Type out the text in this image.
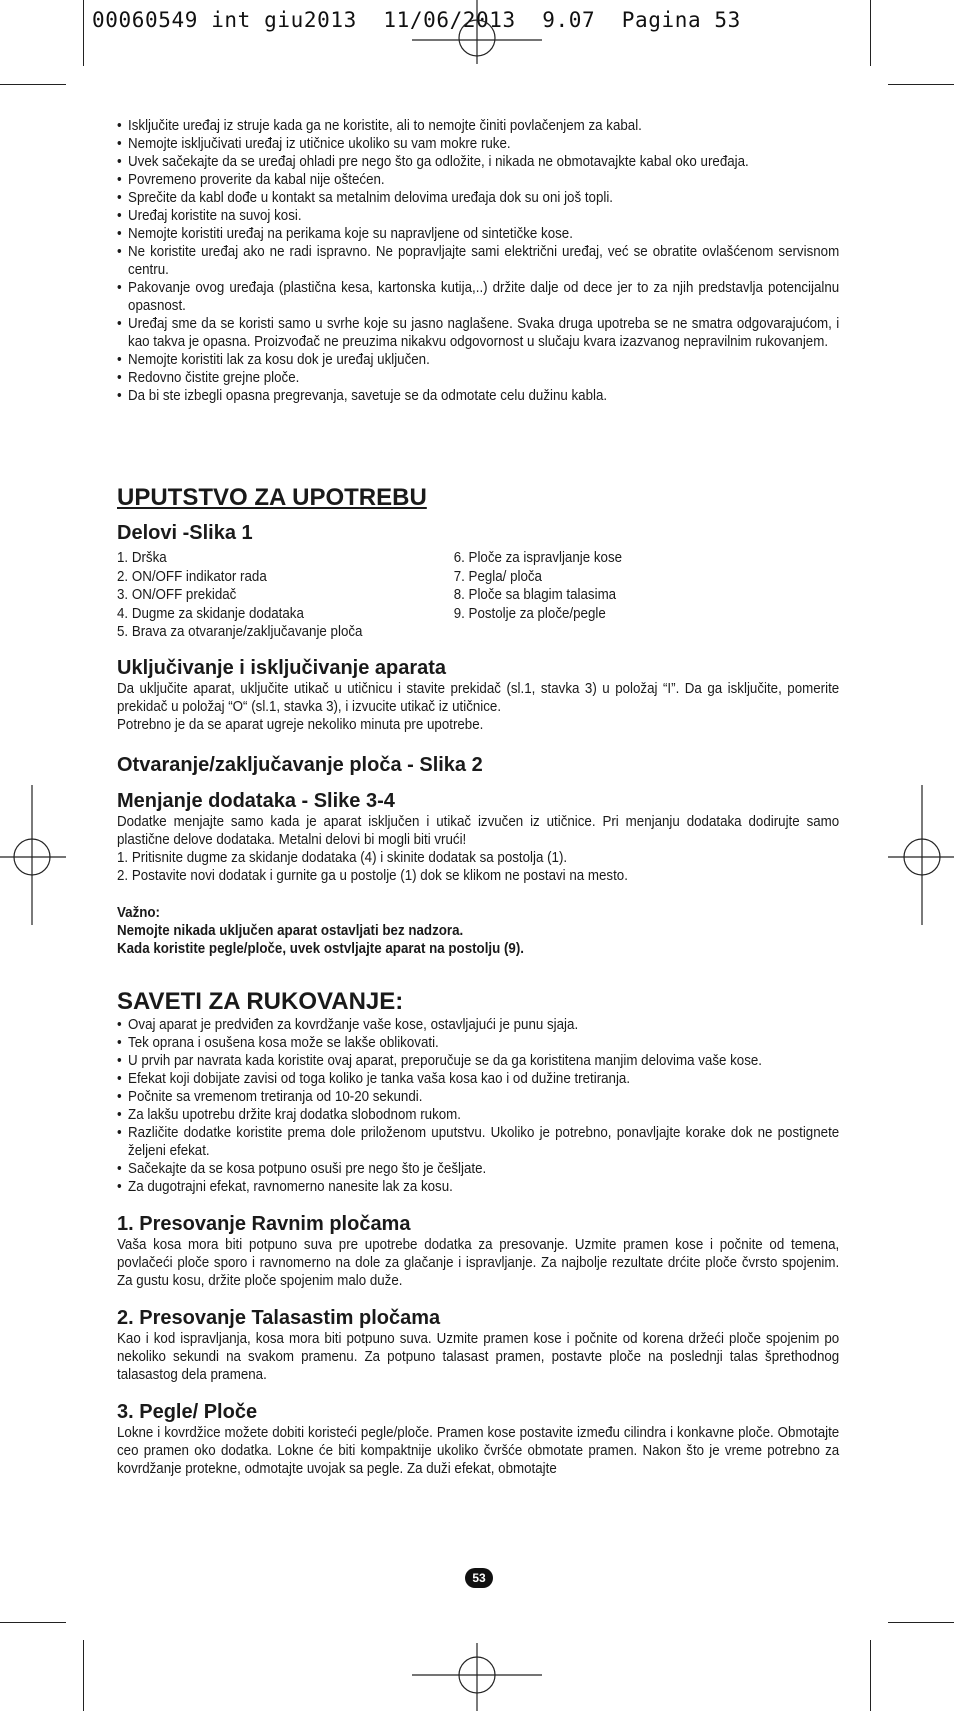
00060549 int giu2013  11/06/2013  9.07  Pagina 53
• Isključite uređaj iz struje kada ga ne koristite, ali to nemojte činiti povlačenjem za kabal.
• Nemojte isključivati uređaj iz utičnice ukoliko su vam mokre ruke.
• Uvek sačekajte da se uređaj ohladi pre nego što ga odložite, i nikada ne obmotavajkte kabal oko uređaja.
• Povremeno proverite da kabal nije oštećen.
• Sprečite da kabl dođe u kontakt sa metalnim delovima uređaja dok su oni još topli.
• Uređaj koristite na suvoj kosi.
• Nemojte koristiti uređaj na perikama koje su napravljene od sintetičke kose.
• Ne koristite uređaj ako ne radi ispravno. Ne popravljajte sami električni uređaj, već se obratite ovlašćenom servisnom centru.
• Pakovanje ovog uređaja (plastična kesa, kartonska kutija,..) držite dalje od dece jer to za njih predstavlja potencijalnu opasnost.
• Uređaj sme da se koristi samo u svrhe koje su jasno naglašene. Svaka druga upotreba se ne smatra odgovarajućom, i kao takva je opasna. Proizvođač ne preuzima nikakvu odgovornost u slučaju kvara izazvanog nepravilnim rukovanjem.
• Nemojte koristiti lak za kosu dok je uređaj uključen.
• Redovno čistite grejne ploče.
• Da bi ste izbegli opasna pregrevanja, savetuje se da odmotate celu dužinu kabla.
UPUTSTVO ZA UPOTREBU
Delovi -Slika 1
1. Drška
2. ON/OFF indikator rada
3. ON/OFF prekidač
4. Dugme za skidanje dodataka
5. Brava za otvaranje/zaključavanje ploča
6. Ploče za ispravljanje kose
7. Pegla/ ploča
8. Ploče sa blagim talasima
9. Postolje za ploče/pegle
Uključivanje i isključivanje aparata

Da uključite aparat, uključite utikač u utičnicu i stavite prekidač (sl.1, stavka 3) u položaj “I”. Da ga isključite, pomerite prekidač u položaj “O“ (sl.1, stavka 3), i izvucite utikač iz utičnice.

Potrebno je da se aparat ugreje nekoliko minuta pre upotrebe.

Otvaranje/zaključavanje ploča - Slika 2
Menjanje dodataka - Slike 3-4

Dodatke menjajte samo kada je aparat isključen i utikač izvučen iz utičnice. Pri menjanju dodataka dodirujte samo plastične delove dodataka. Metalni delovi bi mogli biti vrući!

1. Pritisnite dugme za skidanje dodataka (4) i skinite dodatak sa postolja (1).

2. Postavite novi dodatak i gurnite ga u postolje (1) dok se klikom ne postavi na mesto.

Važno:

Nemojte nikada uključen aparat ostavljati bez nadzora.

Kada koristite pegle/ploče, uvek ostvljajte aparat na postolju (9).

SAVETI ZA RUKOVANJE:
• Ovaj aparat je predviđen za kovrdžanje vaše kose, ostavljajući je punu sjaja.
• Tek oprana i osušena kosa može se lakše oblikovati.
• U prvih par navrata kada koristite ovaj aparat, preporučuje se da ga koristitena manjim delovima vaše kose.
• Efekat koji dobijate zavisi od toga koliko je tanka vaša kosa kao i od dužine tretiranja.
• Počnite sa vremenom tretiranja od 10-20 sekundi.
• Za lakšu upotrebu držite kraj dodatka slobodnom rukom.
• Različite dodatke koristite prema dole priloženom uputstvu. Ukoliko je potrebno, ponavljajte korake dok ne postignete željeni efekat.
• Sačekajte da se kosa potpuno osuši pre nego što je češljate.
• Za dugotrajni efekat, ravnomerno nanesite lak za kosu.
1. Presovanje Ravnim pločama
Vaša kosa mora biti potpuno suva pre upotrebe dodatka za presovanje. Uzmite pramen kose i počnite od temena, povlačeći ploče sporo i ravnomerno na dole za glačanje i ispravljanje. Za najbolje rezultate drćite ploče čvrsto spojenim. Za gustu kosu, držite ploče spojenim malo duže.
2. Presovanje Talasastim pločama
Kao i kod ispravljanja, kosa mora biti potpuno suva. Uzmite pramen kose i počnite od korena držeći ploče spojenim po nekoliko sekundi na svakom pramenu. Za potpuno talasast pramen, postavte ploče na poslednji talas šprethodnog talasastog dela pramena.
3. Pegle/ Ploče
Lokne i kovrdžice možete dobiti koristeći pegle/ploče. Pramen kose postavite između cilindra i konkavne ploče. Obmotajte ceo pramen oko dodatka. Lokne će biti kompaktnije ukoliko čvršće obmotate pramen. Nakon što je vreme potrebno za kovrdžanje protekne, odmotajte uvojak sa pegle. Za duži efekat, obmotajte
53
